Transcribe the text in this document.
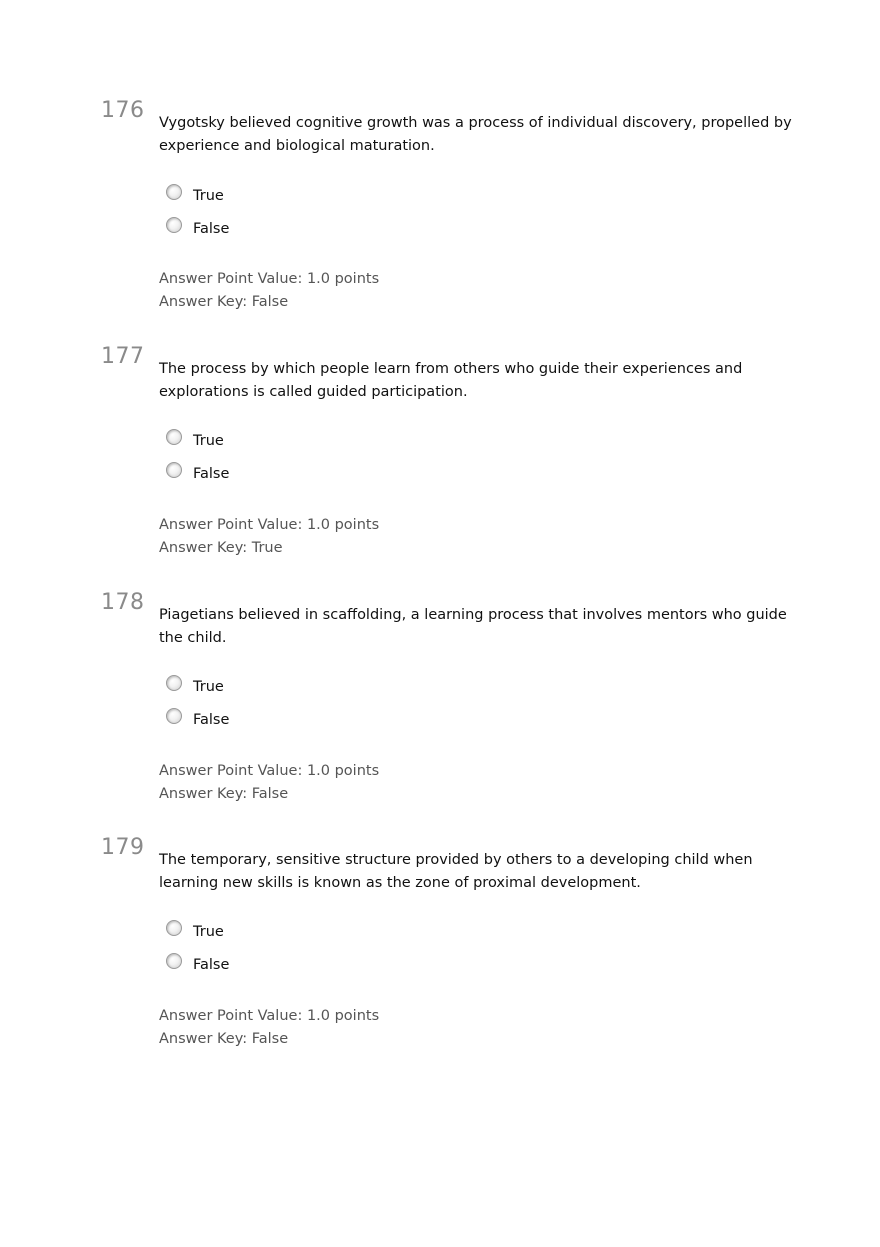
176 Vygotsky believed cognitive growth was a process of individual discovery, propelled by experience and biological maturation.
True
False
Answer Point Value: 1.0 points
Answer Key: False
177 The process by which people learn from others who guide their experiences and explorations is called guided participation.
True
False
Answer Point Value: 1.0 points
Answer Key: True
178 Piagetians believed in scaffolding, a learning process that involves mentors who guide the child.
True
False
Answer Point Value: 1.0 points
Answer Key: False
179 The temporary, sensitive structure provided by others to a developing child when learning new skills is known as the zone of proximal development.
True
False
Answer Point Value: 1.0 points
Answer Key: False
